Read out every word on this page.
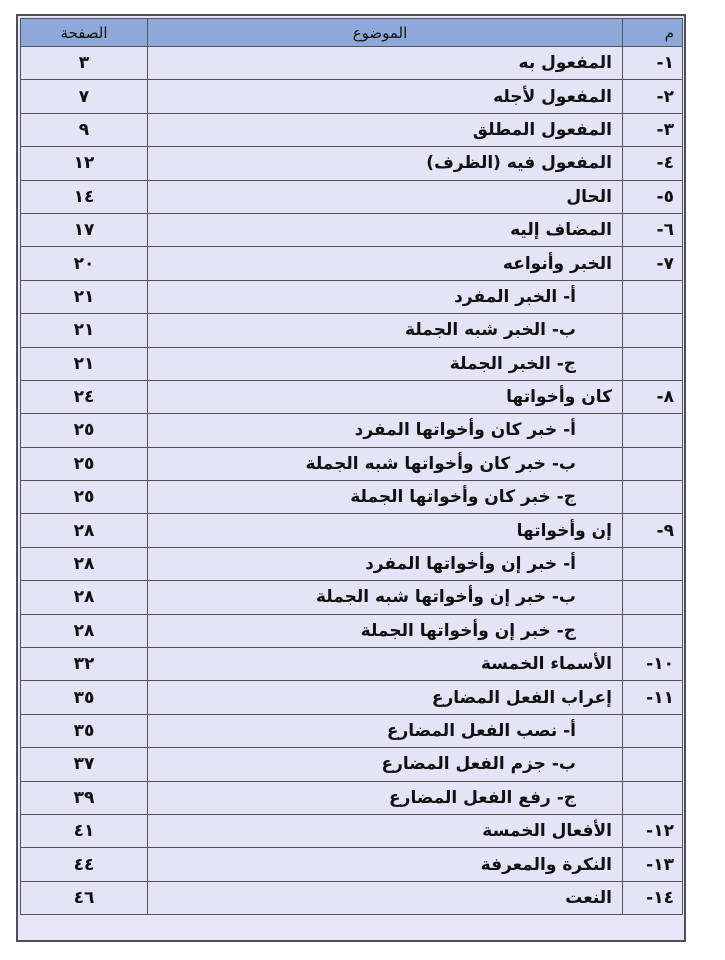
م	الموضوع	الصفحة
١-	المفعول به	٣
٢-	المفعول لأجله	٧
٣-	المفعول المطلق	٩
٤-	المفعول فيه (الظرف)	١٢
٥-	الحال	١٤
٦-	المضاف إليه	١٧
٧-	الخبر وأنواعه	٢٠
	أ- الخبر المفرد	٢١
	ب- الخبر شبه الجملة	٢١
	ج- الخبر الجملة	٢١
٨-	كان وأخواتها	٢٤
	أ- خبر كان وأخواتها المفرد	٢٥
	ب- خبر كان وأخواتها شبه الجملة	٢٥
	ج- خبر كان وأخواتها الجملة	٢٥
٩-	إن وأخواتها	٢٨
	أ- خبر إن وأخواتها المفرد	٢٨
	ب- خبر إن وأخواتها شبه الجملة	٢٨
	ج- خبر إن وأخواتها الجملة	٢٨
١٠-	الأسماء الخمسة	٣٢
١١-	إعراب الفعل المضارع	٣٥
	أ- نصب الفعل المضارع	٣٥
	ب- جزم الفعل المضارع	٣٧
	ج- رفع الفعل المضارع	٣٩
١٢-	الأفعال الخمسة	٤١
١٣-	النكرة والمعرفة	٤٤
١٤-	النعت	٤٦
